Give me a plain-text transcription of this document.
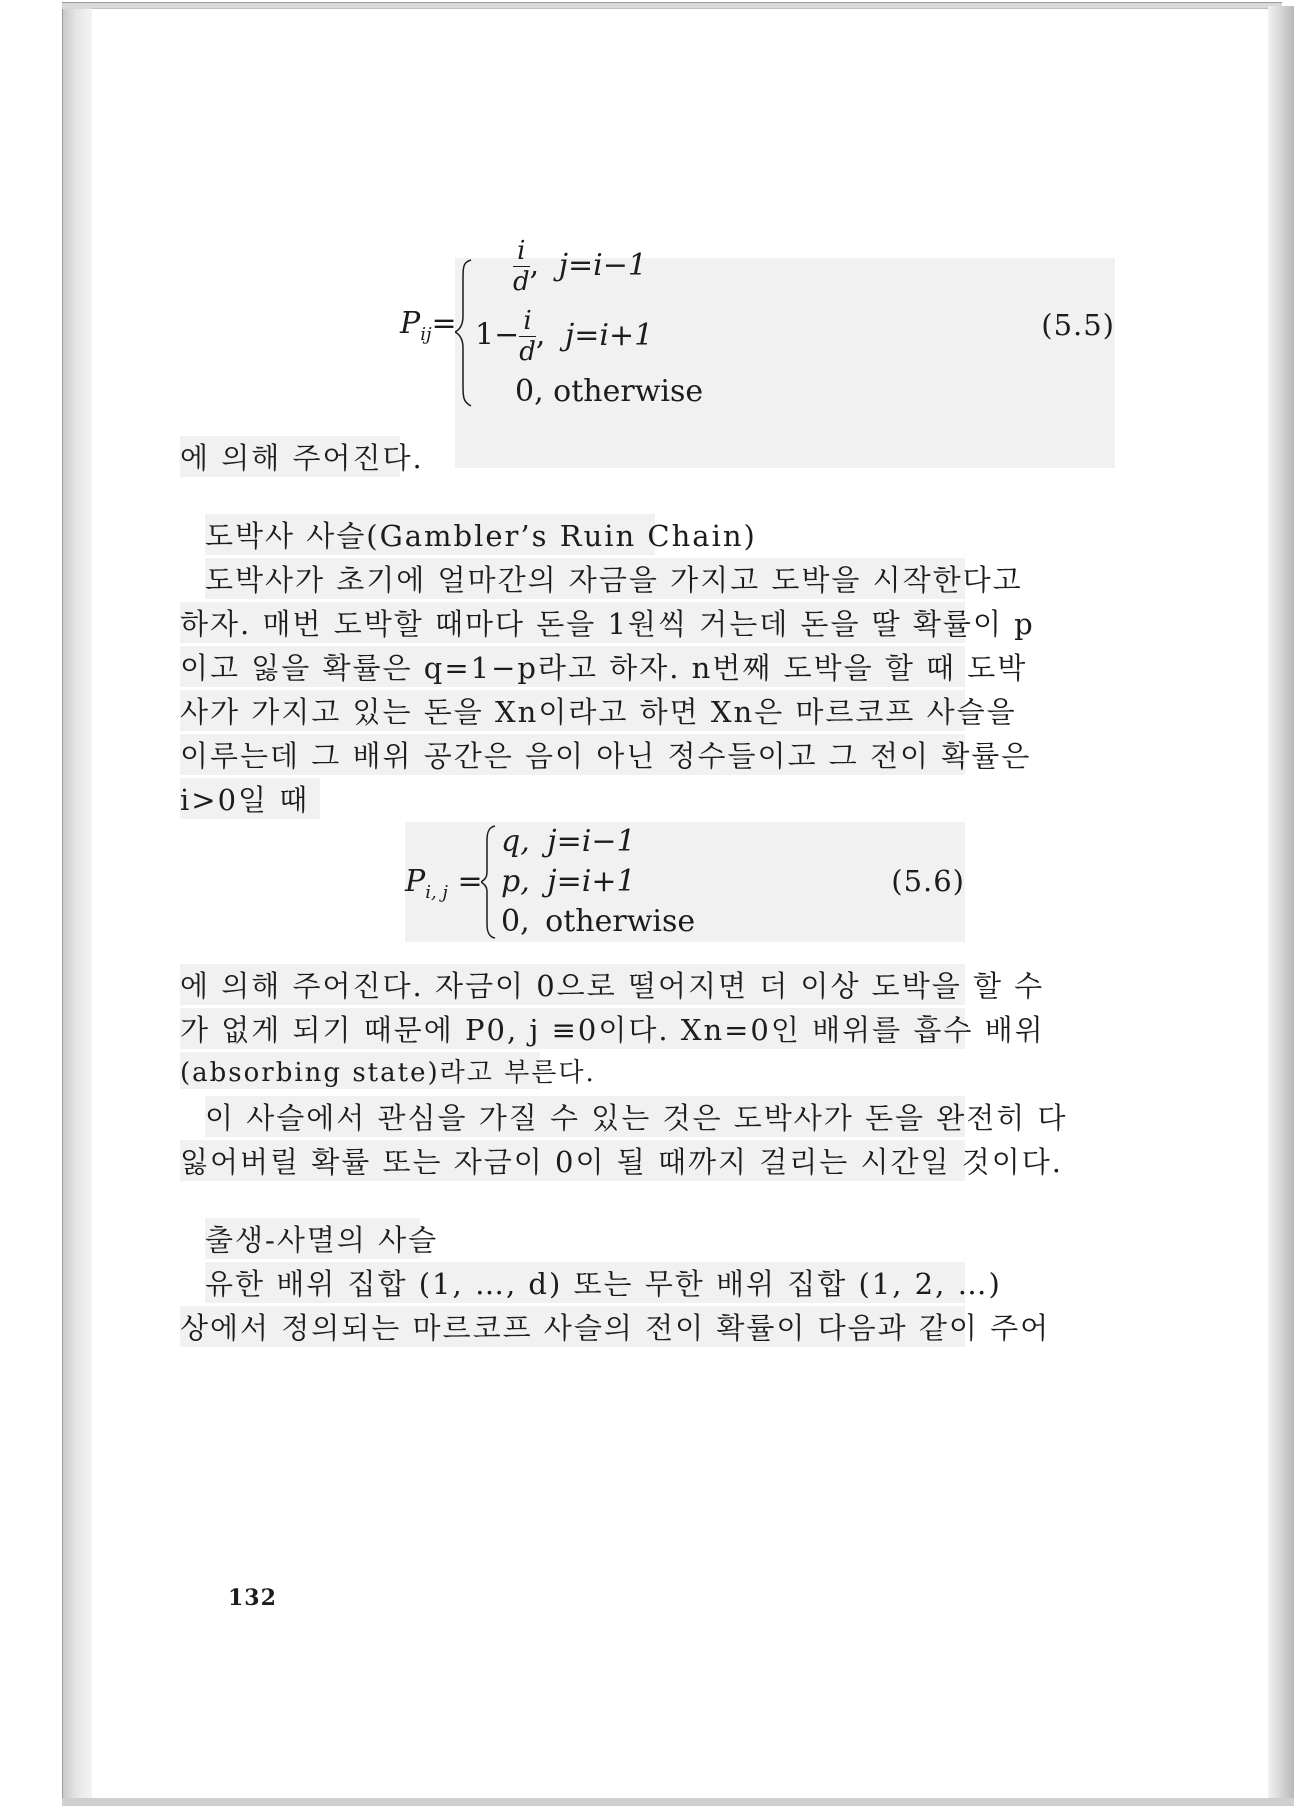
$P_{ij}=$
$\frac{i}{d}$ , j=i−1
$1- \frac{i}{d}$ , j=i+1
0, otherwise
(5.5)
에 의해 주어진다.
도박사 사슬(Gambler’s Ruin Chain)
도박사가 초기에 얼마간의 자금을 가지고 도박을 시작한다고
하자. 매번 도박할 때마다 돈을 1원씩 거는데 돈을 딸 확률이 p
이고 잃을 확률은 q=1−p라고 하자. n번째 도박을 할 때 도박
사가 가지고 있는 돈을 Xn이라고 하면 Xn은 마르코프 사슬을
이루는데 그 배위 공간은 음이 아닌 정수들이고 그 전이 확률은
i>0일 때
$P_{i, j}$ =
q, j=i−1
p, j=i+1
0, otherwise
(5.6)
에 의해 주어진다. 자금이 0으로 떨어지면 더 이상 도박을 할 수
가 없게 되기 때문에 P0, j ≡0이다. Xn=0인 배위를 흡수 배위
(absorbing state)라고 부른다.
이 사슬에서 관심을 가질 수 있는 것은 도박사가 돈을 완전히 다
잃어버릴 확률 또는 자금이 0이 될 때까지 걸리는 시간일 것이다.
출생-사멸의 사슬
유한 배위 집합 (1, …, d) 또는 무한 배위 집합 (1, 2, …)
상에서 정의되는 마르코프 사슬의 전이 확률이 다음과 같이 주어
132
